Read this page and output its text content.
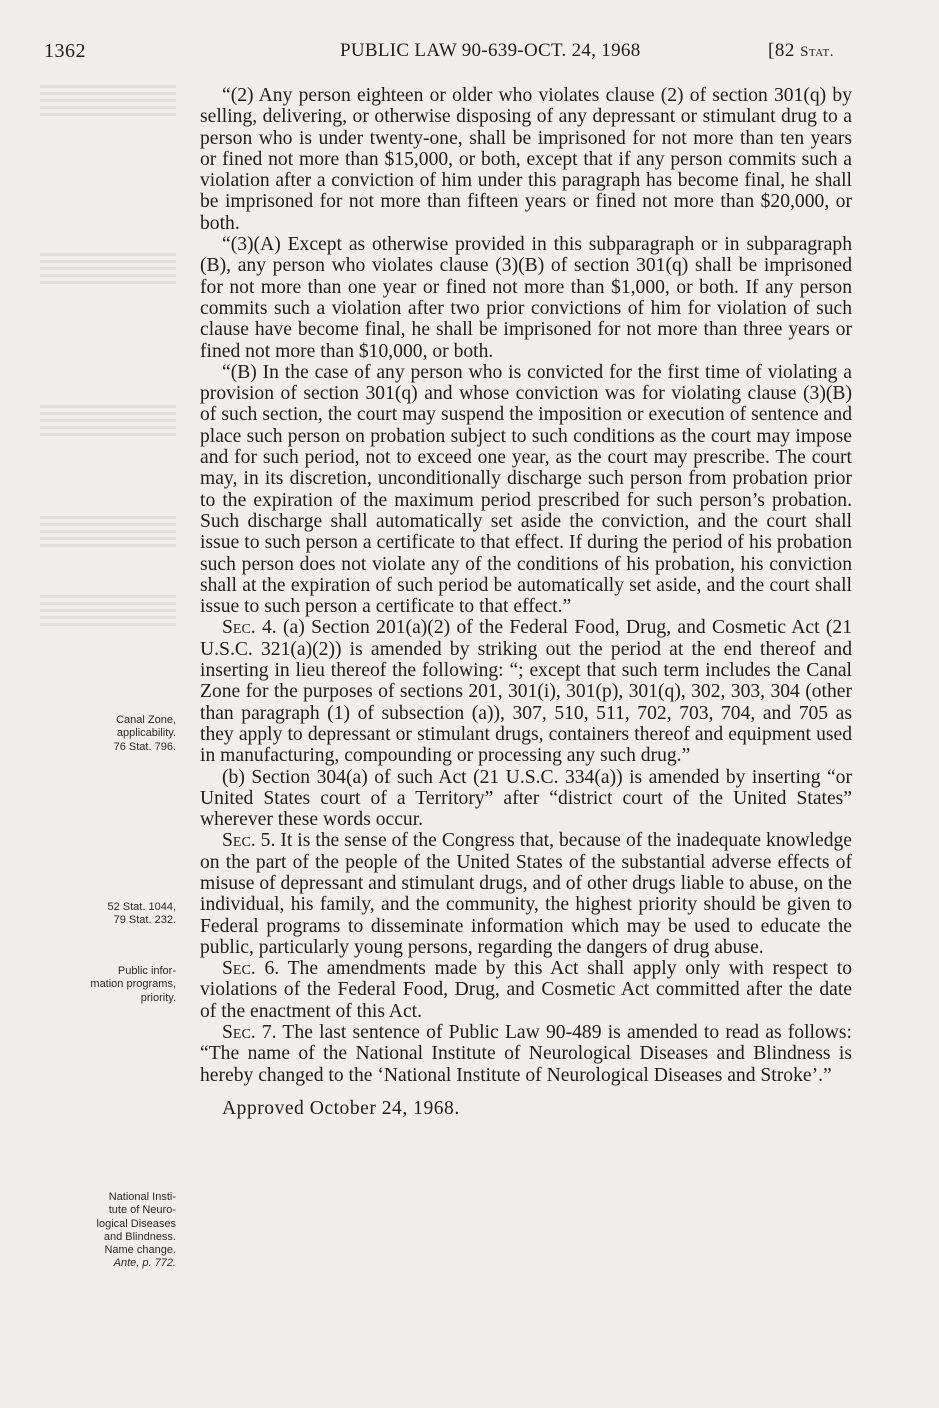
1362	PUBLIC LAW 90-639-OCT. 24, 1968	[82 Stat.
Canal Zone,
applicability.
76 Stat. 796.
52 Stat. 1044,
79 Stat. 232.
Public infor-
mation programs,
priority.
National Insti-
tute of Neuro-
logical Diseases
and Blindness.
Name change.
Ante, p. 772.

“(2) Any person eighteen or older who violates clause (2) of section 301(q) by selling, delivering, or otherwise disposing of any depressant or stimulant drug to a person who is under twenty-one, shall be imprisoned for not more than ten years or fined not more than $15,000, or both, except that if any person commits such a violation after a conviction of him under this paragraph has become final, he shall be imprisoned for not more than fifteen years or fined not more than $20,000, or both.

“(3)(A) Except as otherwise provided in this subparagraph or in subparagraph (B), any person who violates clause (3)(B) of section 301(q) shall be imprisoned for not more than one year or fined not more than $1,000, or both. If any person commits such a violation after two prior convictions of him for violation of such clause have become final, he shall be imprisoned for not more than three years or fined not more than $10,000, or both.

“(B) In the case of any person who is convicted for the first time of violating a provision of section 301(q) and whose conviction was for violating clause (3)(B) of such section, the court may suspend the imposition or execution of sentence and place such person on probation subject to such conditions as the court may impose and for such period, not to exceed one year, as the court may prescribe. The court may, in its discretion, unconditionally discharge such person from probation prior to the expiration of the maximum period prescribed for such person’s probation. Such discharge shall automatically set aside the conviction, and the court shall issue to such person a certificate to that effect. If during the period of his probation such person does not violate any of the conditions of his probation, his conviction shall at the expiration of such period be automatically set aside, and the court shall issue to such person a certificate to that effect.”

Sec. 4. (a) Section 201(a)(2) of the Federal Food, Drug, and Cosmetic Act (21 U.S.C. 321(a)(2)) is amended by striking out the period at the end thereof and inserting in lieu thereof the following: “; except that such term includes the Canal Zone for the purposes of sections 201, 301(i), 301(p), 301(q), 302, 303, 304 (other than paragraph (1) of subsection (a)), 307, 510, 511, 702, 703, 704, and 705 as they apply to depressant or stimulant drugs, containers thereof and equipment used in manufacturing, compounding or processing any such drug.”

(b) Section 304(a) of such Act (21 U.S.C. 334(a)) is amended by inserting “or United States court of a Territory” after “district court of the United States” wherever these words occur.

Sec. 5. It is the sense of the Congress that, because of the inadequate knowledge on the part of the people of the United States of the substantial adverse effects of misuse of depressant and stimulant drugs, and of other drugs liable to abuse, on the individual, his family, and the community, the highest priority should be given to Federal programs to disseminate information which may be used to educate the public, particularly young persons, regarding the dangers of drug abuse.

Sec. 6. The amendments made by this Act shall apply only with respect to violations of the Federal Food, Drug, and Cosmetic Act committed after the date of the enactment of this Act.

Sec. 7. The last sentence of Public Law 90-489 is amended to read as follows: “The name of the National Institute of Neurological Diseases and Blindness is hereby changed to the ‘National Institute of Neurological Diseases and Stroke’.”

Approved October 24, 1968.
